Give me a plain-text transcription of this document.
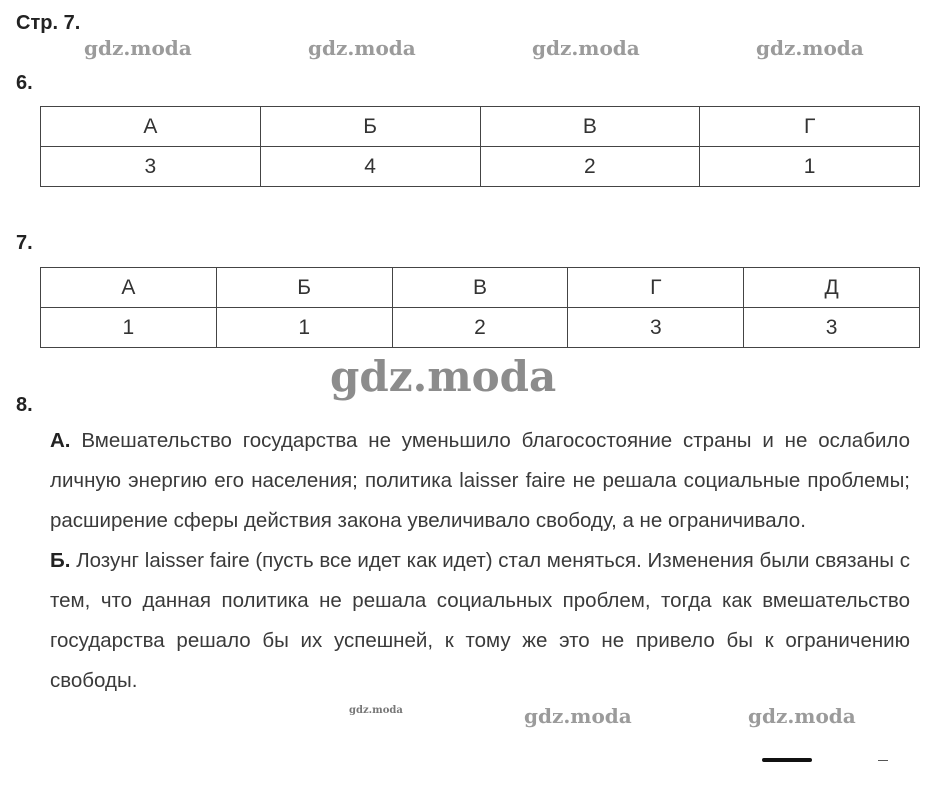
Стр. 7.
gdz.moda	gdz.moda	gdz.moda	gdz.moda
6.
А	Б	В	Г
3	4	2	1
7.
А	Б	В	Г	Д
1	1	2	3	3
gdz.moda
8.

А. Вмешательство государства не уменьшило благосостояние страны и не ослабило личную энергию его населения; политика laisser faire не решала социальные проблемы; расширение сферы действия закона увеличивало свободу, а не ограничивало.

Б. Лозунг laisser faire (пусть все идет как идет) стал меняться. Изменения были связаны с тем, что данная политика не решала социальных проблем, тогда как вмешательство государства решало бы их успешней, к тому же это не привело бы к ограничению свободы.

gdz.moda	gdz.moda	gdz.moda
